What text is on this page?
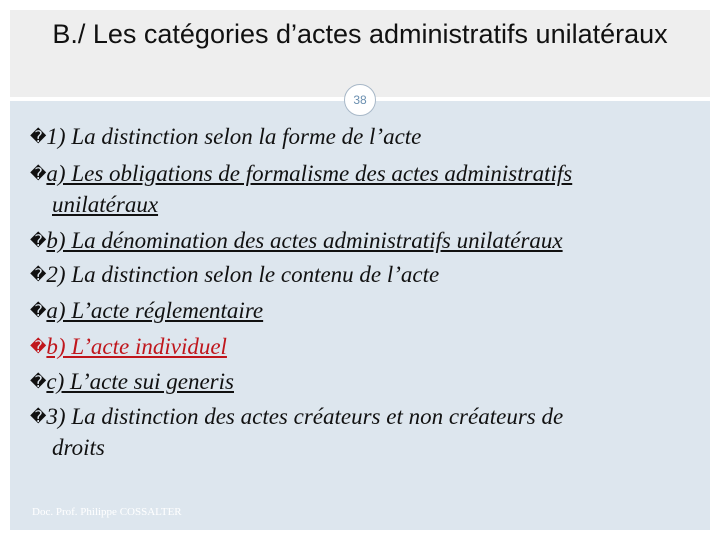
B./ Les catégories d’actes administratifs unilatéraux
38
�1) La distinction selon la forme de l’acte
�a) Les obligations de formalisme des actes administratifs
unilatéraux
�b) La dénomination des actes administratifs unilatéraux
�2) La distinction selon le contenu de l’acte
�a) L’acte réglementaire
�b) L’acte individuel
�c) L’acte sui generis
�3) La distinction des actes créateurs et non créateurs de
droits
Doc. Prof. Philippe COSSALTER
